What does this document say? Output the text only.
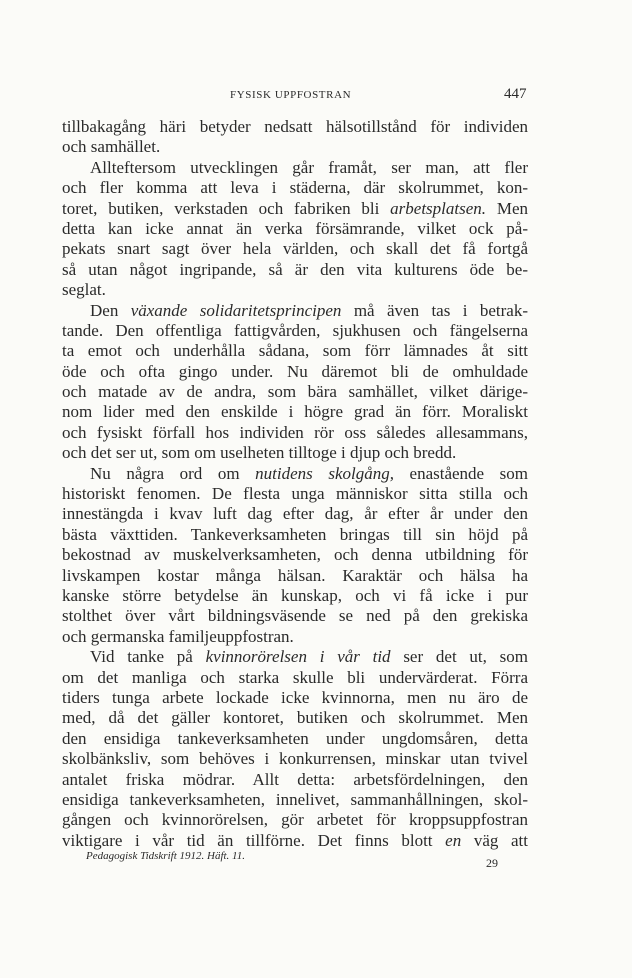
FYSISK UPPFOSTRAN	447
tillbakagång häri betyder nedsatt hälsotillstånd för individen
och samhället.
Allteftersom utvecklingen går framåt, ser man, att fler
och fler komma att leva i städerna, där skolrummet, kon-
toret, butiken, verkstaden och fabriken bli arbetsplatsen. Men
detta kan icke annat än verka försämrande, vilket ock på-
pekats snart sagt över hela världen, och skall det få fortgå
så utan något ingripande, så är den vita kulturens öde be-
seglat.
Den växande solidaritetsprincipen må även tas i betrak-
tande. Den offentliga fattigvården, sjukhusen och fängelserna
ta emot och underhålla sådana, som förr lämnades åt sitt
öde och ofta gingo under. Nu däremot bli de omhuldade
och matade av de andra, som bära samhället, vilket därige-
nom lider med den enskilde i högre grad än förr. Moraliskt
och fysiskt förfall hos individen rör oss således allesammans,
och det ser ut, som om uselheten tilltoge i djup och bredd.
Nu några ord om nutidens skolgång, enastående som
historiskt fenomen. De flesta unga människor sitta stilla och
innestängda i kvav luft dag efter dag, år efter år under den
bästa växttiden. Tankeverksamheten bringas till sin höjd på
bekostnad av muskelverksamheten, och denna utbildning för
livskampen kostar många hälsan. Karaktär och hälsa ha
kanske större betydelse än kunskap, och vi få icke i pur
stolthet över vårt bildningsväsende se ned på den grekiska
och germanska familjeuppfostran.
Vid tanke på kvinnorörelsen i vår tid ser det ut, som
om det manliga och starka skulle bli undervärderat. Förra
tiders tunga arbete lockade icke kvinnorna, men nu äro de
med, då det gäller kontoret, butiken och skolrummet. Men
den ensidiga tankeverksamheten under ungdomsåren, detta
skolbänksliv, som behöves i konkurrensen, minskar utan tvivel
antalet friska mödrar. Allt detta: arbetsfördelningen, den
ensidiga tankeverksamheten, innelivet, sammanhållningen, skol-
gången och kvinnorörelsen, gör arbetet för kroppsuppfostran
viktigare i vår tid än tillförne. Det finns blott en väg att
Pedagogisk Tidskrift 1912. Häft. 11.	29
